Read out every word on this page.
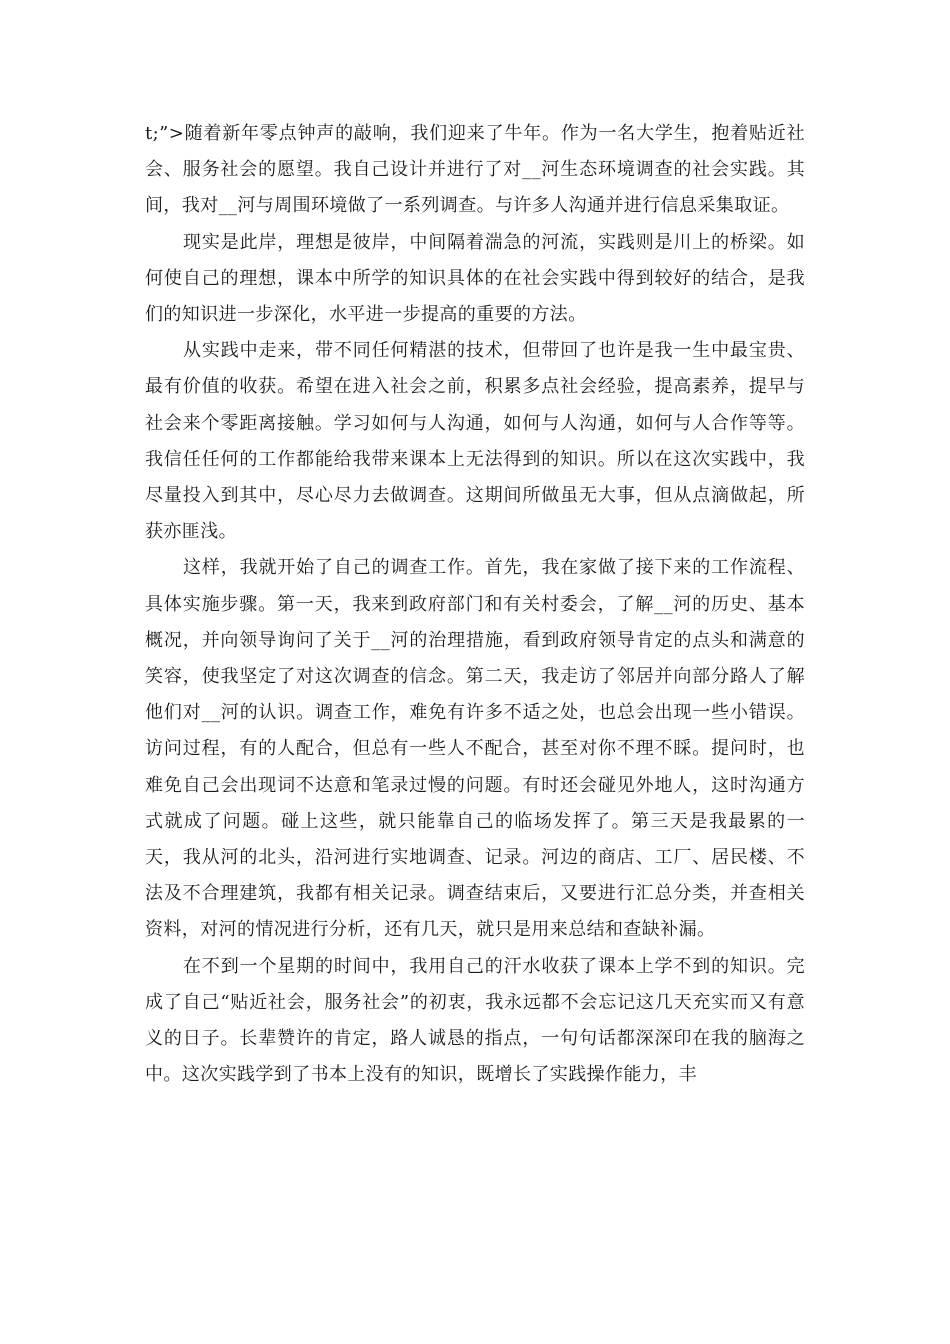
t;”>随着新年零点钟声的敲响，我们迎来了牛年。作为一名大学生，抱着贴近社会、服务社会的愿望。我自己设计并进行了对__河生态环境调查的社会实践。其间，我对__河与周围环境做了一系列调查。与许多人沟通并进行信息采集取证。

现实是此岸，理想是彼岸，中间隔着湍急的河流，实践则是川上的桥梁。如何使自己的理想，课本中所学的知识具体的在社会实践中得到较好的结合，是我们的知识进一步深化，水平进一步提高的重要的方法。

从实践中走来，带不同任何精湛的技术，但带回了也许是我一生中最宝贵、最有价值的收获。希望在进入社会之前，积累多点社会经验，提高素养，提早与社会来个零距离接触。学习如何与人沟通，如何与人沟通，如何与人合作等等。我信任任何的工作都能给我带来课本上无法得到的知识。所以在这次实践中，我尽量投入到其中，尽心尽力去做调查。这期间所做虽无大事，但从点滴做起，所获亦匪浅。

这样，我就开始了自己的调查工作。首先，我在家做了接下来的工作流程、具体实施步骤。第一天，我来到政府部门和有关村委会，了解__河的历史、基本概况，并向领导询问了关于__河的治理措施，看到政府领导肯定的点头和满意的笑容，使我坚定了对这次调查的信念。第二天，我走访了邻居并向部分路人了解他们对__河的认识。调查工作，难免有许多不适之处，也总会出现一些小错误。访问过程，有的人配合，但总有一些人不配合，甚至对你不理不睬。提问时，也难免自己会出现词不达意和笔录过慢的问题。有时还会碰见外地人，这时沟通方式就成了问题。碰上这些，就只能靠自己的临场发挥了。第三天是我最累的一天，我从河的北头，沿河进行实地调查、记录。河边的商店、工厂、居民楼、不法及不合理建筑，我都有相关记录。调查结束后，又要进行汇总分类，并查相关资料，对河的情况进行分析，还有几天，就只是用来总结和查缺补漏。

在不到一个星期的时间中，我用自己的汗水收获了课本上学不到的知识。完成了自己“贴近社会，服务社会”的初衷，我永远都不会忘记这几天充实而又有意义的日子。长辈赞许的肯定，路人诚恳的指点，一句句话都深深印在我的脑海之中。这次实践学到了书本上没有的知识，既增长了实践操作能力，丰
